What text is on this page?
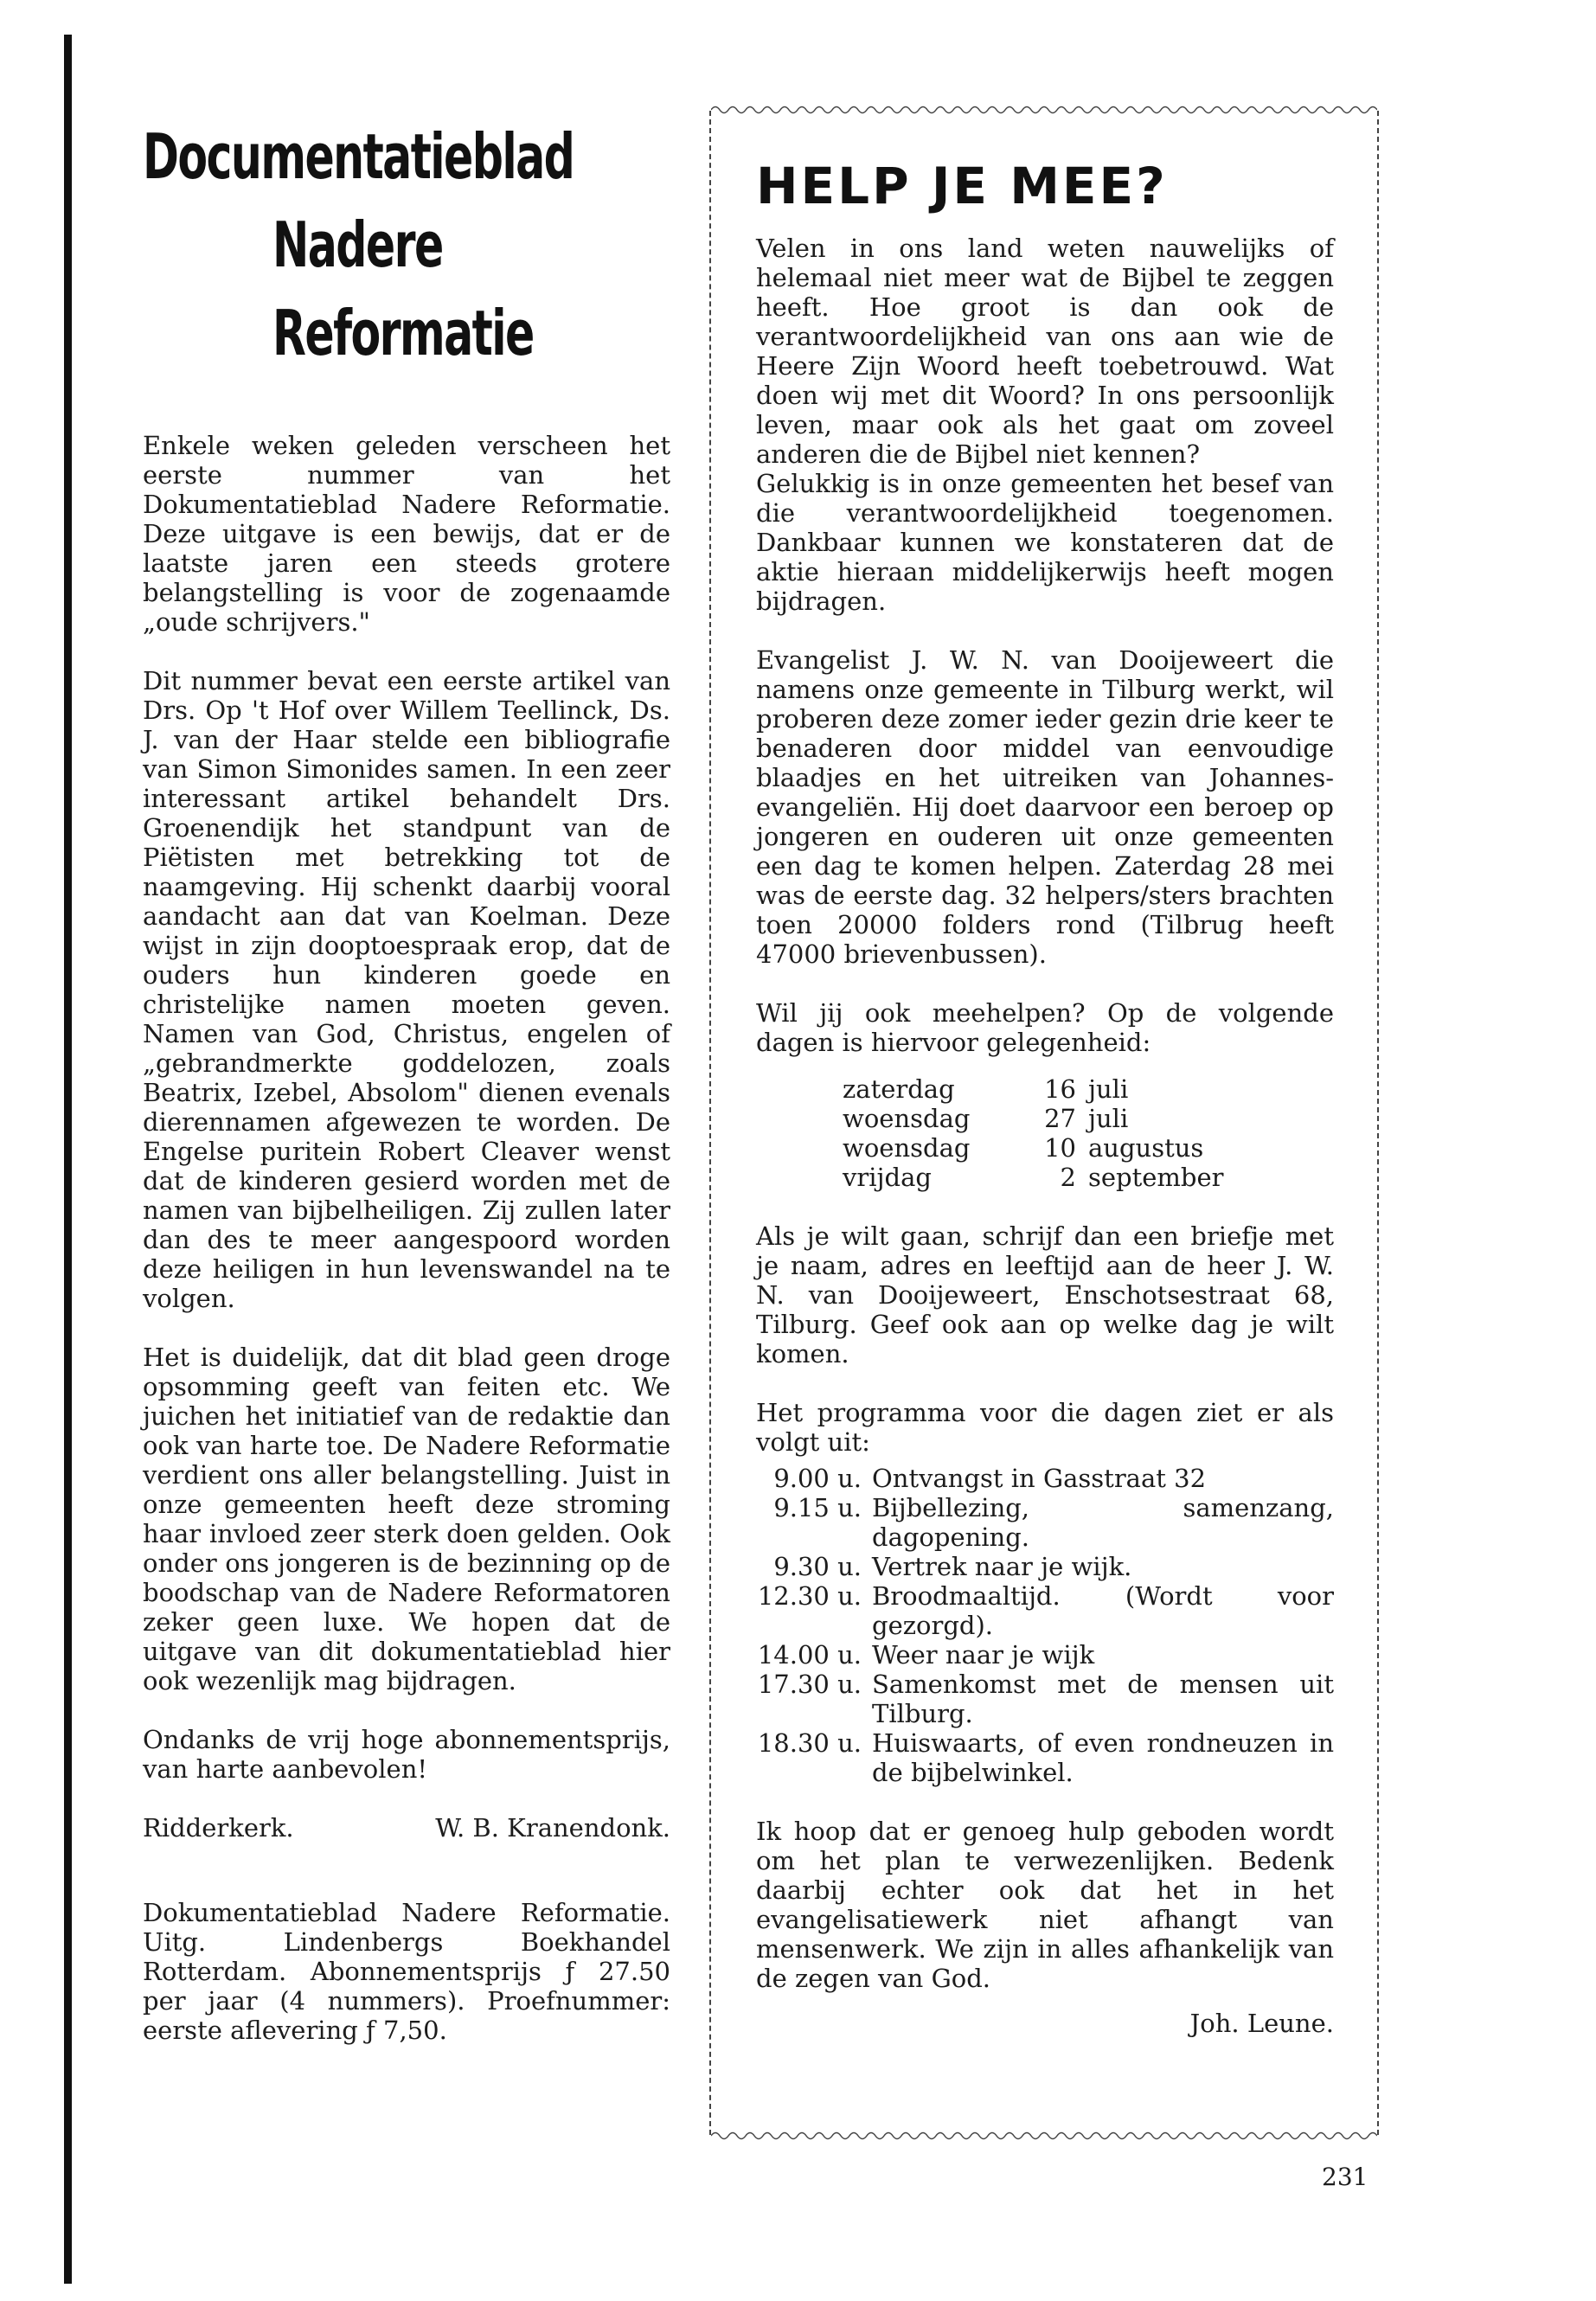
Documentatieblad
Nadere
Reformatie

Enkele weken geleden verscheen het eerste nummer van het Dokumentatieblad Nadere Reformatie. Deze uitgave is een bewijs, dat er de laatste jaren een steeds grotere belangstelling is voor de zogenaamde „oude schrijvers."

Dit nummer bevat een eerste artikel van Drs. Op 't Hof over Willem Teellinck, Ds. J. van der Haar stelde een bibliografie van Simon Simonides samen. In een zeer interessant artikel behandelt Drs. Groenendijk het standpunt van de Piëtisten met betrekking tot de naamgeving. Hij schenkt daarbij vooral aandacht aan dat van Koelman. Deze wijst in zijn dooptoespraak erop, dat de ouders hun kinderen goede en christelijke namen moeten geven. Namen van God, Christus, engelen of „gebrandmerkte goddelozen, zoals Beatrix, Izebel, Absolom" dienen evenals dierennamen afgewezen te worden. De Engelse puritein Robert Cleaver wenst dat de kinderen gesierd worden met de namen van bijbelheiligen. Zij zullen later dan des te meer aangespoord worden deze heiligen in hun levenswandel na te volgen.

Het is duidelijk, dat dit blad geen droge opsomming geeft van feiten etc. We juichen het initiatief van de redaktie dan ook van harte toe. De Nadere Reformatie verdient ons aller belangstelling. Juist in onze gemeenten heeft deze stroming haar invloed zeer sterk doen gelden. Ook onder ons jongeren is de bezinning op de boodschap van de Nadere Reformatoren zeker geen luxe. We hopen dat de uitgave van dit dokumentatieblad hier ook wezenlijk mag bijdragen.

Ondanks de vrij hoge abonnementsprijs, van harte aanbevolen!

Ridderkerk.	W. B. Kranendonk.

Dokumentatieblad Nadere Reformatie. Uitg. Lindenbergs Boekhandel Rotterdam. Abonnementsprijs ƒ 27.50 per jaar (4 nummers). Proefnummer: eerste aflevering ƒ 7,50.

HELP JE MEE?

Velen in ons land weten nauwelijks of helemaal niet meer wat de Bijbel te zeggen heeft. Hoe groot is dan ook de verantwoordelijkheid van ons aan wie de Heere Zijn Woord heeft toebetrouwd. Wat doen wij met dit Woord? In ons persoonlijk leven, maar ook als het gaat om zoveel anderen die de Bijbel niet kennen?

Gelukkig is in onze gemeenten het besef van die verantwoordelijkheid toegenomen. Dankbaar kunnen we konstateren dat de aktie hieraan middelijkerwijs heeft mogen bijdragen.

Evangelist J. W. N. van Dooijeweert die namens onze gemeente in Tilburg werkt, wil proberen deze zomer ieder gezin drie keer te benaderen door middel van eenvoudige blaadjes en het uitreiken van Johannes-evangeliën. Hij doet daarvoor een beroep op jongeren en ouderen uit onze gemeenten een dag te komen helpen. Zaterdag 28 mei was de eerste dag. 32 helpers/sters brachten toen 20000 folders rond (Tilbrug heeft 47000 brievenbussen).

Wil jij ook meehelpen? Op de volgende dagen is hiervoor gelegenheid:

zaterdag	16 juli
woensdag	27 juli
woensdag	10 augustus
vrijdag	2 september

Als je wilt gaan, schrijf dan een briefje met je naam, adres en leeftijd aan de heer J. W. N. van Dooijeweert, Enschotsestraat 68, Tilburg. Geef ook aan op welke dag je wilt komen.

Het programma voor die dagen ziet er als volgt uit:

9.00 u. Ontvangst in Gasstraat 32
9.15 u. Bijbellezing, samenzang, dagopening.
9.30 u. Vertrek naar je wijk.
12.30 u. Broodmaaltijd. (Wordt voor gezorgd).
14.00 u. Weer naar je wijk
17.30 u. Samenkomst met de mensen uit Tilburg.
18.30 u. Huiswaarts, of even rondneuzen in de bijbelwinkel.

Ik hoop dat er genoeg hulp geboden wordt om het plan te verwezenlijken. Bedenk daarbij echter ook dat het in het evangelisatiewerk niet afhangt van mensenwerk. We zijn in alles afhankelijk van de zegen van God.

Joh. Leune.
231
